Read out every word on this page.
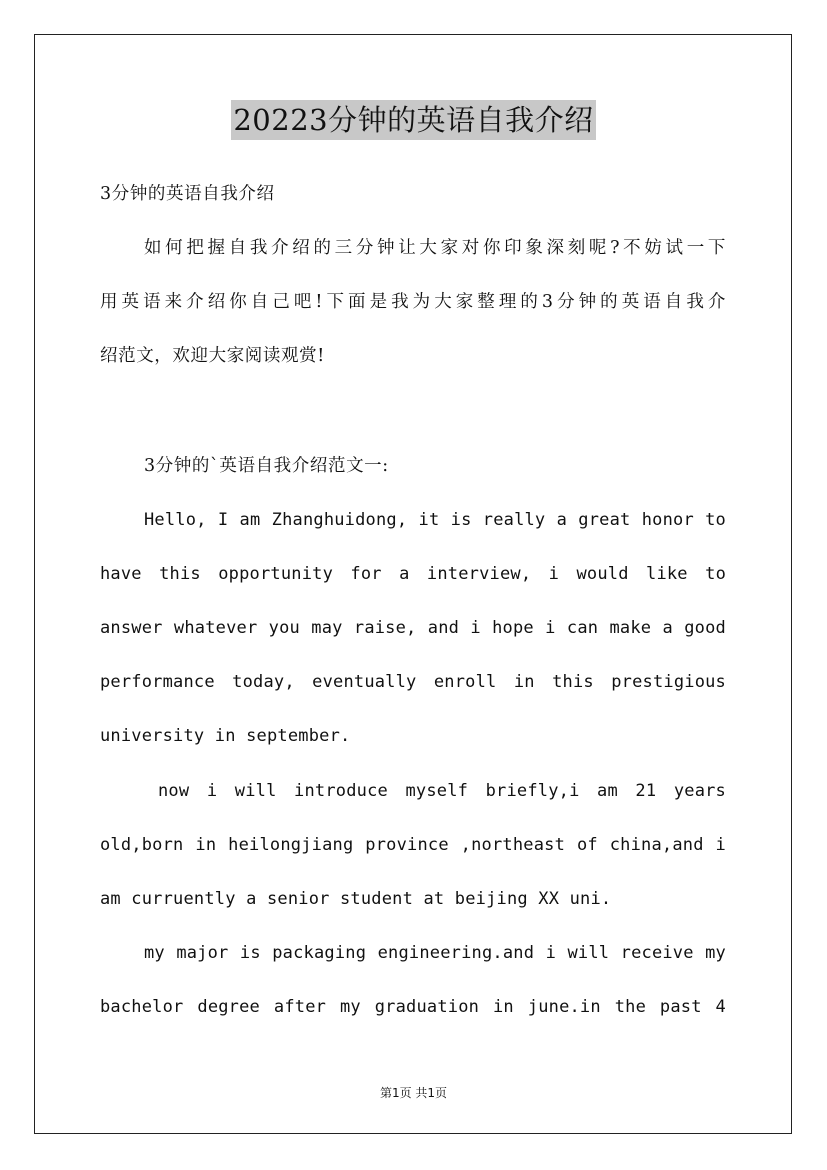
20223分钟的英语自我介绍
3分钟的英语自我介绍
如何把握自我介绍的三分钟让大家对你印象深刻呢?不妨试一下
用英语来介绍你自己吧!下面是我为大家整理的3分钟的英语自我介
绍范文，欢迎大家阅读观赏!
3分钟的`英语自我介绍范文一:
Hello, I am Zhanghuidong, it is really a great honor to
have this opportunity for a interview, i would like to
answer whatever you may raise, and i hope i can make a good
performance today, eventually enroll in this prestigious
university in september.
now i will introduce myself briefly,i am 21 years
old,born in heilongjiang province ,northeast of china,and i
am curruently a senior student at beijing XX uni.
my major is packaging engineering.and i will receive my
bachelor degree after my graduation in june.in the past 4
第1页 共1页
